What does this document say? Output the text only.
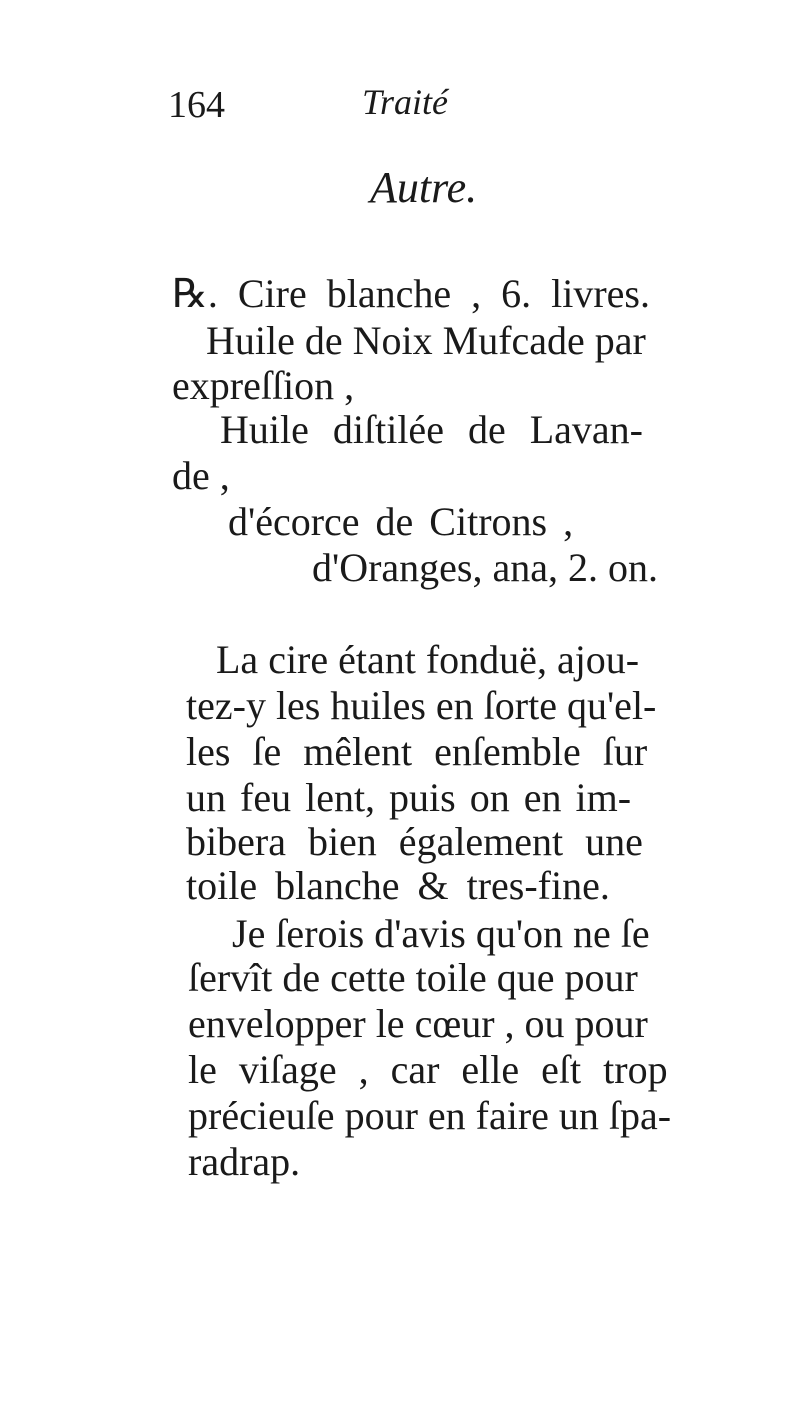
164	Traité
Autre.
℞. Cire blanche , 6. livres.
Huile de Noix Mufcade par
expreſſion ,
Huile diſtilée de Lavan-
de ,
d'écorce de Citrons ,
d'Oranges, ana, 2. on.
La cire étant fonduë, ajou-
tez-y les huiles en ſorte qu'el-
les ſe mêlent enſemble ſur
un feu lent, puis on en im-
bibera bien également une
toile blanche & tres-fine.
Je ſerois d'avis qu'on ne ſe
ſervît de cette toile que pour
envelopper le cœur , ou pour
le viſage , car elle eſt trop
précieuſe pour en faire un ſpa-
radrap.
